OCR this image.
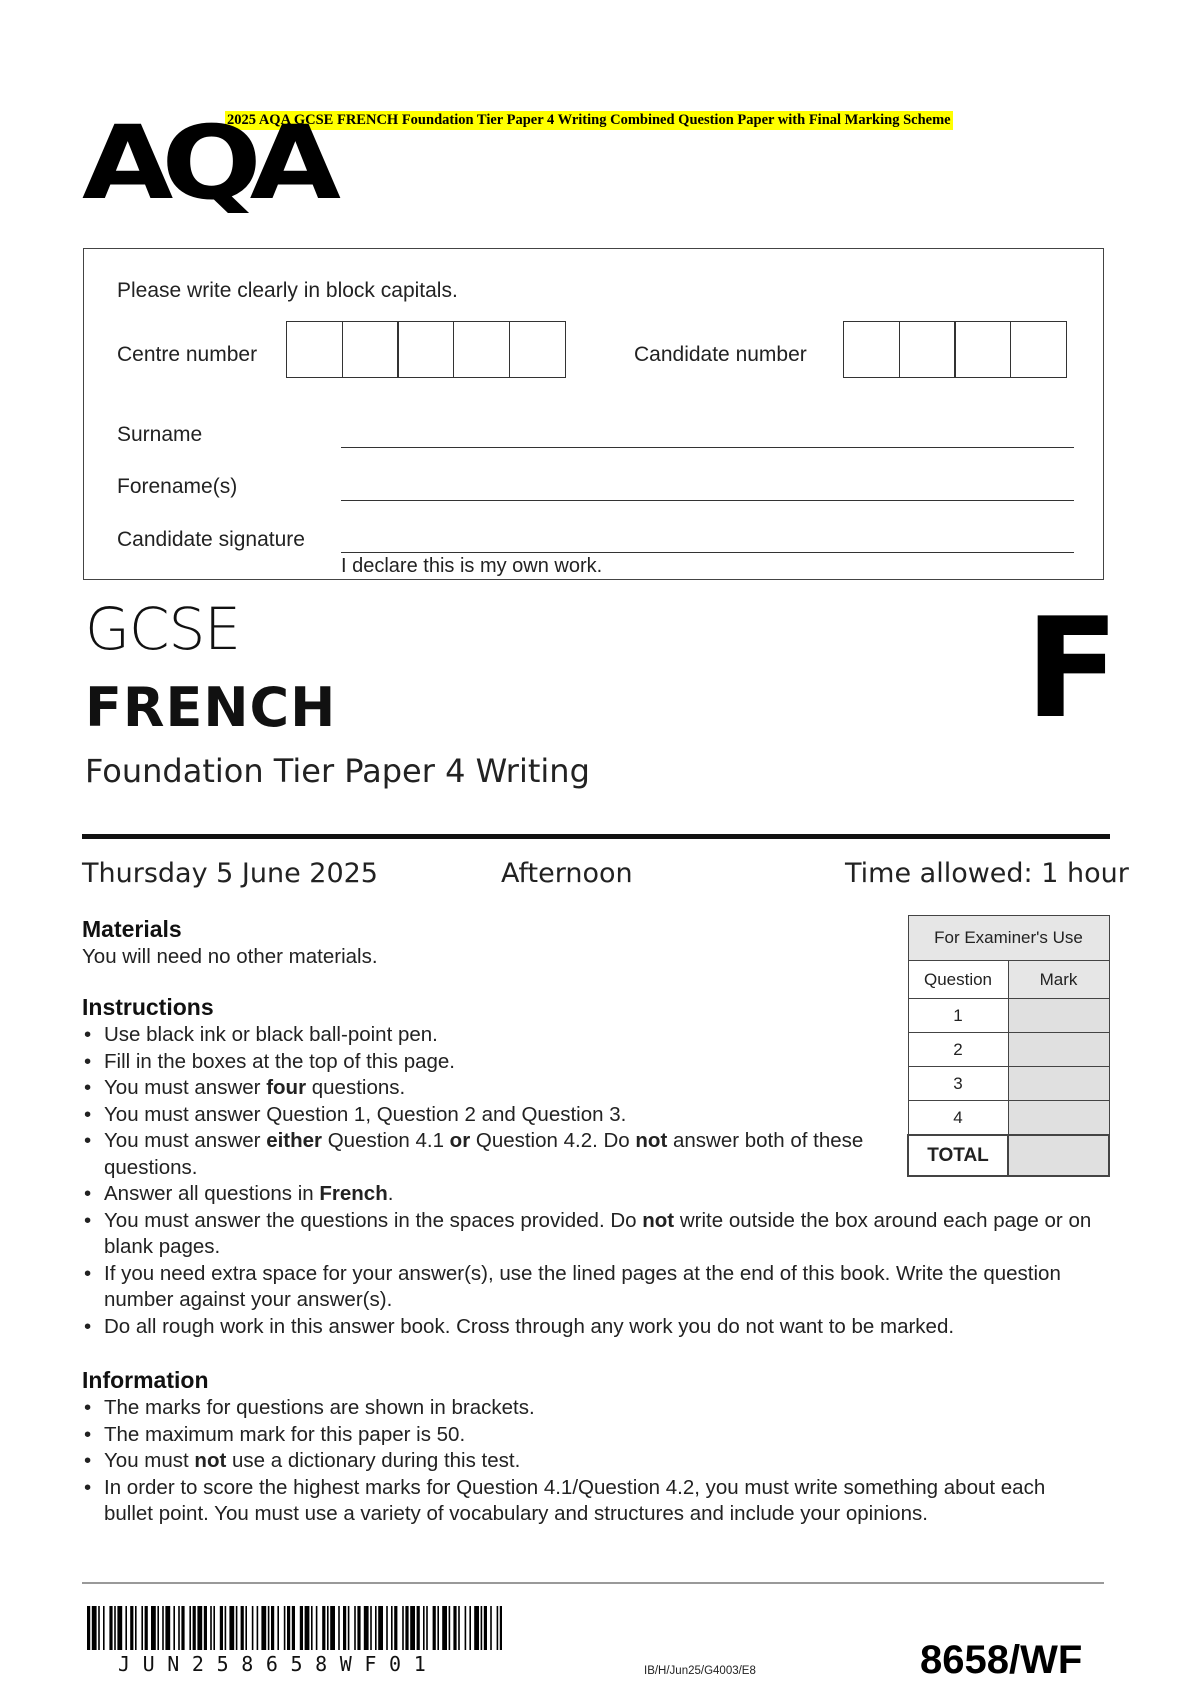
2025 AQA GCSE FRENCH Foundation Tier Paper 4 Writing Combined Question Paper with Final Marking Scheme
AQA
Please write clearly in block capitals.
Centre number	Candidate number
Surname
Forename(s)
Candidate signature
I declare this is my own work.
GCSE
FRENCH
Foundation Tier Paper 4 Writing
F
Thursday 5 June 2025	Afternoon	Time allowed: 1 hour
Materials
You will need no other materials.
Instructions
• Use black ink or black ball-point pen.
• Fill in the boxes at the top of this page.
• You must answer four questions.
• You must answer Question 1, Question 2 and Question 3.
• You must answer either Question 4.1 or Question 4.2. Do not answer both of these questions.
• Answer all questions in French.
• You must answer the questions in the spaces provided. Do not write outside the box around each page or on blank pages.
• If you need extra space for your answer(s), use the lined pages at the end of this book. Write the question number against your answer(s).
• Do all rough work in this answer book. Cross through any work you do not want to be marked.
Information
• The marks for questions are shown in brackets.
• The maximum mark for this paper is 50.
• You must not use a dictionary during this test.
• In order to score the highest marks for Question 4.1/Question 4.2, you must write something about each bullet point. You must use a variety of vocabulary and structures and include your opinions.
For Examiner's Use	
Question	Mark
1	
2	
3	
4	
TOTAL	
JUN258658WF01	IB/H/Jun25/G4003/E8	8658/WF
